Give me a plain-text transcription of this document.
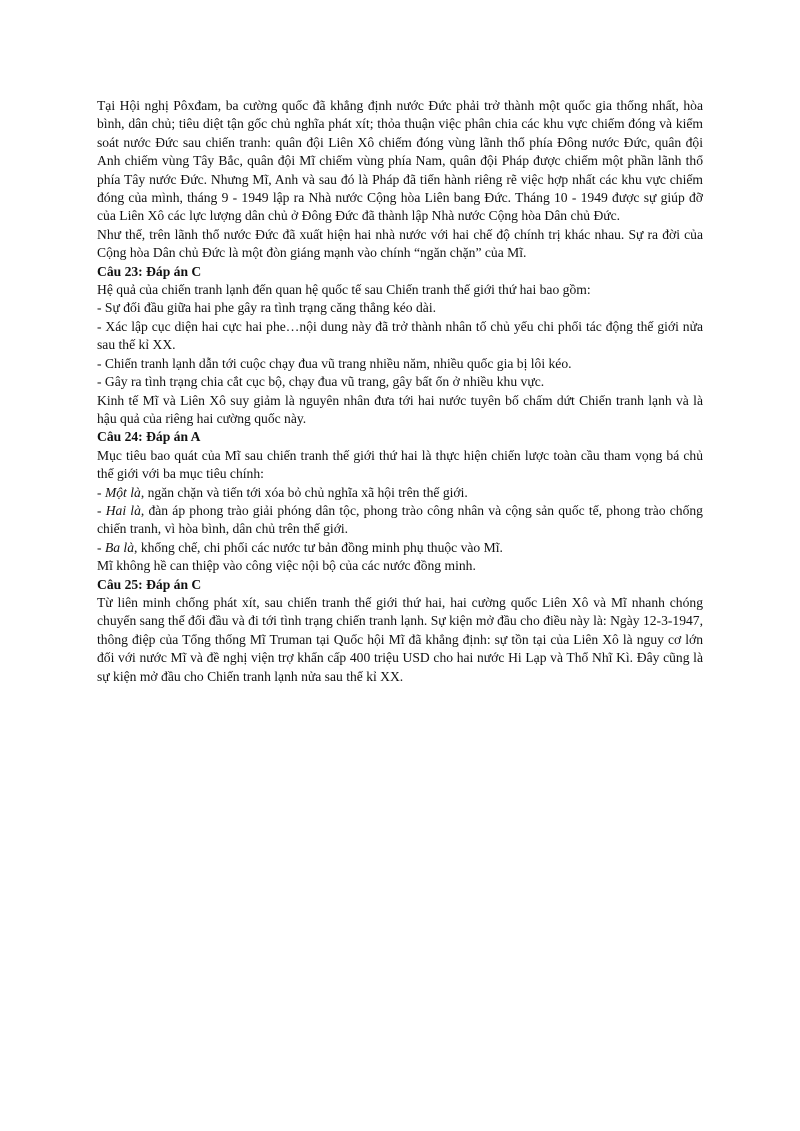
Tại Hội nghị Pôxđam, ba cường quốc đã khẳng định nước Đức phải trở thành một quốc gia thống nhất, hòa bình, dân chủ; tiêu diệt tận gốc chủ nghĩa phát xít; thỏa thuận việc phân chia các khu vực chiếm đóng và kiểm soát nước Đức sau chiến tranh: quân đội Liên Xô chiếm đóng vùng lãnh thổ phía Đông nước Đức, quân đội Anh chiếm vùng Tây Bắc, quân đội Mĩ chiếm vùng phía Nam, quân đội Pháp được chiếm một phần lãnh thổ phía Tây nước Đức. Nhưng Mĩ, Anh và sau đó là Pháp đã tiến hành riêng rẽ việc hợp nhất các khu vực chiếm đóng của mình, tháng 9 - 1949 lập ra Nhà nước Cộng hòa Liên bang Đức. Tháng 10 - 1949 được sự giúp đỡ của Liên Xô các lực lượng dân chủ ở Đông Đức đã thành lập Nhà nước Cộng hòa Dân chủ Đức.

Như thế, trên lãnh thổ nước Đức đã xuất hiện hai nhà nước với hai chế độ chính trị khác nhau. Sự ra đời của Cộng hòa Dân chủ Đức là một đòn giáng mạnh vào chính “ngăn chặn” của Mĩ.

Câu 23: Đáp án C

Hệ quả của chiến tranh lạnh đến quan hệ quốc tế sau Chiến tranh thế giới thứ hai bao gồm:

- Sự đối đầu giữa hai phe gây ra tình trạng căng thẳng kéo dài.

- Xác lập cục diện hai cực hai phe…nội dung này đã trở thành nhân tố chủ yếu chi phối tác động thế giới nửa sau thế kỉ XX.

- Chiến tranh lạnh dẫn tới cuộc chạy đua vũ trang nhiều năm, nhiều quốc gia bị lôi kéo.

- Gây ra tình trạng chia cắt cục bộ, chạy đua vũ trang, gây bất ổn ở nhiều khu vực.

Kinh tế Mĩ và Liên Xô suy giảm là nguyên nhân đưa tới hai nước tuyên bố chấm dứt Chiến tranh lạnh và là hậu quả của riêng hai cường quốc này.

Câu 24: Đáp án A

Mục tiêu bao quát của Mĩ sau chiến tranh thế giới thứ hai là thực hiện chiến lược toàn cầu tham vọng bá chủ thế giới với ba mục tiêu chính:

- Một là, ngăn chặn và tiến tới xóa bỏ chủ nghĩa xã hội trên thế giới.

- Hai là, đàn áp phong trào giải phóng dân tộc, phong trào công nhân và cộng sản quốc tế, phong trào chống chiến tranh, vì hòa bình, dân chủ trên thế giới.

- Ba là, khống chế, chi phối các nước tư bản đồng minh phụ thuộc vào Mĩ.

Mĩ không hề can thiệp vào công việc nội bộ của các nước đồng minh.

Câu 25: Đáp án C

Từ liên minh chống phát xít, sau chiến tranh thế giới thứ hai, hai cường quốc Liên Xô và Mĩ nhanh chóng chuyển sang thế đối đầu và đi tới tình trạng chiến tranh lạnh. Sự kiện mở đầu cho điều này là: Ngày 12-3-1947, thông điệp của Tổng thống Mĩ Truman tại Quốc hội Mĩ đã khẳng định: sự tồn tại của Liên Xô là nguy cơ lớn đối với nước Mĩ và đề nghị viện trợ khẩn cấp 400 triệu USD cho hai nước Hi Lạp và Thổ Nhĩ Kì. Đây cũng là sự kiện mở đầu cho Chiến tranh lạnh nửa sau thế kỉ XX.
